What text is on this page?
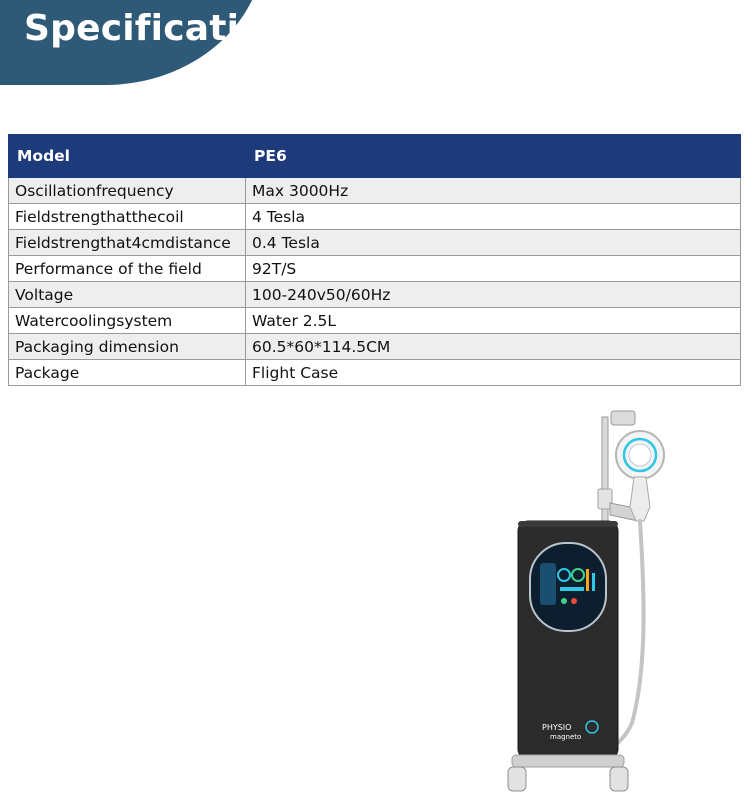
Specification
Model	PE6
Oscillationfrequency	Max 3000Hz
Fieldstrengthatthecoil	4 Tesla
Fieldstrengthat4cmdistance	0.4 Tesla
Performance of the field	92T/S
Voltage	100-240v50/60Hz
Watercoolingsystem	Water 2.5L
Packaging dimension	60.5*60*114.5CM
Package	Flight Case
PHYSIO
magneto
